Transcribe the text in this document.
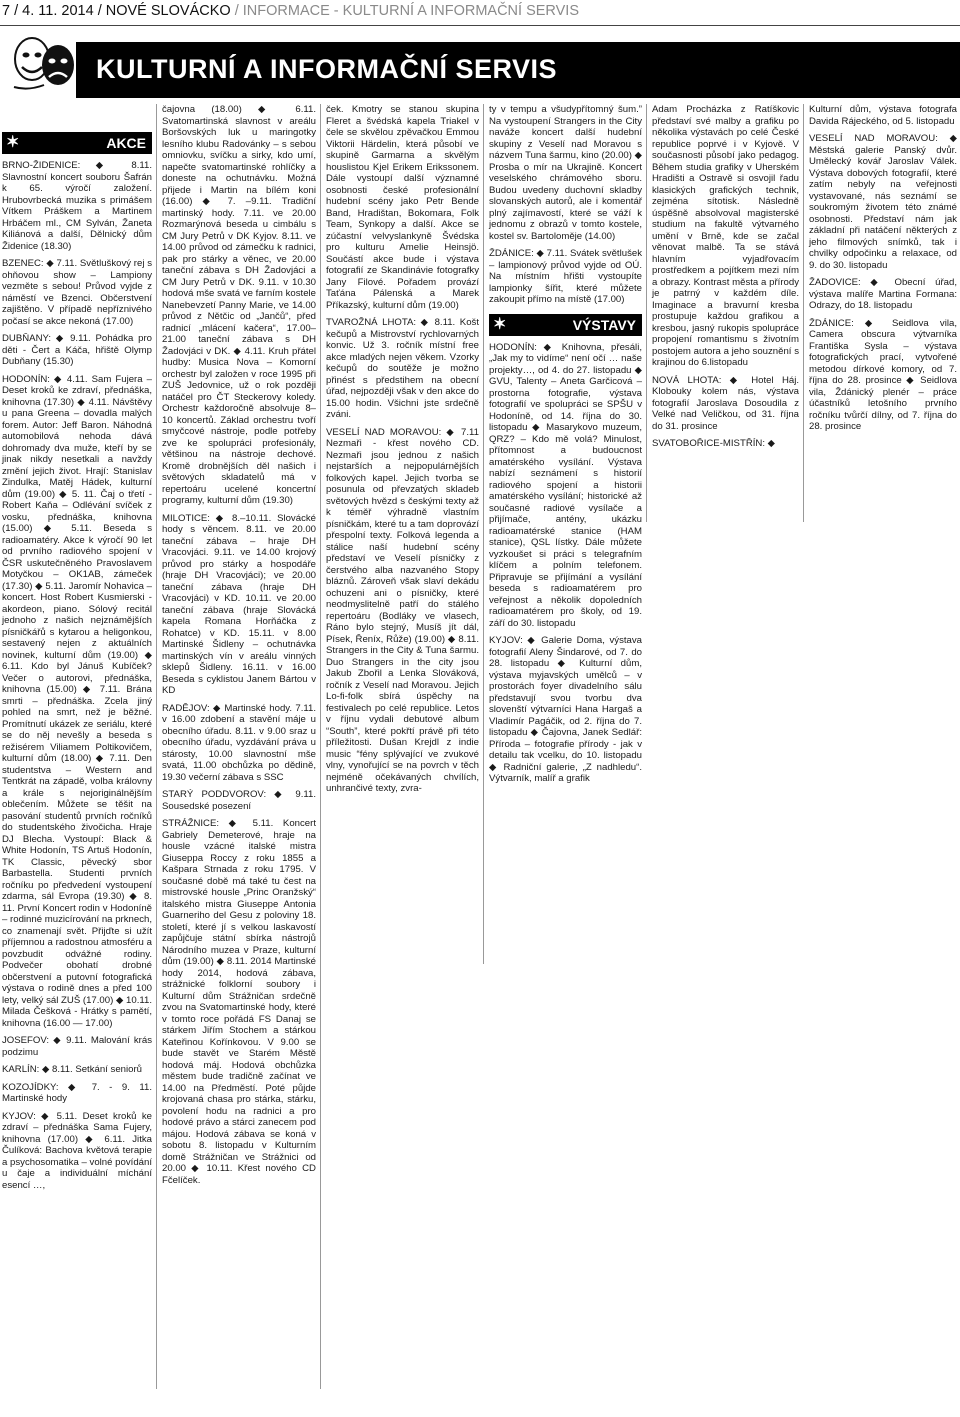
7 / 4. 11. 2014 / NOVÉ SLOVÁCKO / INFORMACE - KULTURNÍ A INFORMAČNÍ SERVIS
KULTURNÍ A INFORMAČNÍ SERVIS
✶	AKCE

BRNO-ŽIDENICE: ◆ 8.11. Slavnostní koncert souboru Šafrán k 65. výročí založení. Hrubovrbecká muzika s primášem Vítkem Práškem a Martinem Hrbáčem ml., CM Sylván, Žaneta Kiliánová a další, Dělnický dům Židenice (18.30)

BZENEC: ◆ 7.11. Světluškový rej s ohňovou show – Lampiony vezměte s sebou! Průvod vyjde z náměstí ve Bzenci. Občerstvení zajištěno. V případě nepříznivého počasí se akce nekoná (17.00)

DUBŇANY: ◆ 9.11. Pohádka pro děti - Čert a Káča, hřiště Olymp Dubňany (15.30)

HODONÍN: ◆ 4.11. Sam Fujera – Deset kroků ke zdraví, přednáška, knihovna (17.30) ◆ 4.11. Návštěvy u pana Greena – dovadla malých forem. Autor: Jeff Baron. Náhodná automobilová nehoda dává dohromady dva muže, kteří by se jinak nikdy nesetkali a navždy změní jejich život. Hrají: Stanislav Zindulka, Matěj Hádek, kulturní dům (19.00) ◆ 5. 11. Čaj o třetí - Robert Kaňa – Odlévání svíček z vosku, přednáška, knihovna (15.00) ◆ 5.11. Beseda s radioamatéry. Akce k výročí 90 let od prvního radiového spojení v ČSR uskutečněného Pravoslavem Motyčkou – OK1AB, zámeček (17.30) ◆ 5.11. Jaromír Nohavica – koncert. Host Robert Kusmierski - akordeon, piano. Sólový recitál jednoho z našich nejznámějších písničkářů s kytarou a heligonkou, sestavený nejen z aktuálních novinek, kulturní dům (19.00) ◆ 6.11. Kdo byl Jánuš Kubíček? Večer o autorovi, přednáška, knihovna (15.00) ◆ 7.11. Brána smrti – přednáška. Zcela jiný pohled na smrt, než je běžné. Promítnutí ukázek ze seriálu, které se do něj nevešly a beseda s režisérem Viliamem Poltikovičem, kulturní dům (18.00) ◆ 7.11. Den studentstva – Western and Tentkrát na západě, volba královny a krále s nejoriginálnějším oblečením. Můžete se těšit na pasování studentů prvních ročníků do studentského živočicha. Hraje DJ Blecha. Vystoupí: Black & White Hodonín, TS Artuš Hodonín, TK Classic, pěvecký sbor Barbastella. Studenti prvních ročníku po předvedení vystoupení zdarma, sál Evropa (19.30) ◆ 8. 11. První Koncert rodin v Hodoníně – rodinné muzicírování na prknech, co znamenají svět. Přijďte si užít příjemnou a radostnou atmosféru a povzbudit odvážné rodiny. Podvečer obohatí drobné občerstvení a putovní fotografická výstava o rodině dnes a před 100 lety, velký sál ZUŠ (17.00) ◆ 10.11. Milada Češková - Hrátky s pamětí, knihovna (16.00 — 17.00)

JOSEFOV: ◆ 9.11. Malování krás podzimu

KARLÍN: ◆ 8.11. Setkání seniorů

KOZOJÍDKY: ◆ 7. - 9. 11. Martinské hody

KYJOV: ◆ 5.11. Deset kroků ke zdraví – přednáška Sama Fujery, knihovna (17.00) ◆ 6.11. Jitka Čulíková: Bachova květová terapie a psychosomatika – volné povídání u čaje a individuální míchání esencí …,

čajovna (18.00) ◆ 6.11. Svatomartinská slavnost v areálu Boršovských luk u maringotky lesního klubu Radovánky – s sebou omniovku, svíčku a sirky, kdo umí, napečte svatomartinské rohlíčky a doneste na ochutnávku. Možná přijede i Martin na bílém koni (16.00) ◆ 7. –9.11. Tradiční martinský hody. 7.11. ve 20.00 Rozmarýnová beseda u cimbálu s CM Jury Petrů v DK Kyjov. 8.11. ve 14.00 průvod od zámečku k radnici, pak pro stárky a věnec, ve 20.00 taneční zábava s DH Žadovjáci a CM Jury Petrů v DK. 9.11. v 10.30 hodová mše svatá ve farním kostele Nanebevzetí Panny Marie, ve 14.00 průvod z Nětčic od „Jančů“, před radnicí „mlácení kačera“, 17.00–21.00 taneční zábava s DH Žadovjáci v DK. ◆ 4.11. Kruh přátel hudby: Musica Nova – Komorní orchestr byl založen v roce 1995 při ZUŠ Jedovnice, už o rok později natáčel pro ČT Steckerovy koledy. Orchestr každoročně absolvuje 8–10 koncertů. Základ orchestru tvoří smyčcové nástroje, podle potřeby zve ke spolupráci profesionály, většinou na nástroje dechové. Kromě drobnějších děl našich i světových skladatelů má v repertoáru ucelené koncertní programy, kulturní dům (19.30)

MILOTICE: ◆ 8.–10.11. Slovácké hody s věncem. 8.11. ve 20.00 taneční zábava – hraje DH Vracovjáci. 9.11. ve 14.00 krojový průvod pro stárky a hospodáře (hraje DH Vracovjáci); ve 20.00 taneční zábava (hraje DH Vracovjáci) v KD. 10.11. ve 20.00 taneční zábava (hraje Slovácká kapela Romana Horňáčka z Rohatce) v KD. 15.11. v 8.00 Martinské Šidleny – ochutnávka martinských vín v areálu vinných sklepů Šidleny. 16.11. v 16.00 Beseda s cyklistou Janem Bártou v KD

RADĚJOV: ◆ Martinské hody. 7.11. v 16.00 zdobení a stavění máje u obecního úřadu. 8.11. v 9.00 sraz u obecního úřadu, vyzdávání práva u stárosty, 10.00 slavnostní mše svatá, 11.00 obchůzka po dědině, 19.30 večerní zábava s SSC

STARÝ PODDVOROV: ◆ 9.11. Sousedské posezení

STRÁŽNICE: ◆ 5.11. Koncert Gabriely Demeterové, hraje na housle vzácné italské mistra Giuseppa Roccy z roku 1855 a Kašpara Strnada z roku 1795. V současné době má také tu čest na mistrovské housle „Princ Oranžský“ italského mistra Giuseppe Antonia Guarneriho del Gesu z poloviny 18. století, které jí s velkou laskavostí zapůjčuje státní sbírka nástrojů Národního muzea v Praze, kulturní dům (19.00) ◆ 8.11. 2014 Martinské hody 2014, hodová zábava, strážnické folklorní soubory i Kulturní dům Strážničan srdečně zvou na Svatomartinské hody, které v tomto roce pořádá FS Danaj se stárkem Jiřím Stochem a stárkou Kateřinou Kořínkovou. V 9.00 se bude stavět ve Starém Městě hodová máj. Hodová obchůzka městem bude tradičně začínat ve 14.00 na Předměstí. Poté půjde krojovaná chasa pro stárka, stárku, povolení hodu na radnici a pro hodové právo a stárci zanecem pod májou. Hodová zábava se koná v sobotu 8. listopadu v Kulturním domě Strážničan ve Strážnici od 20.00 ◆ 10.11. Křest nového CD Fčelíček.

ček. Kmotry se stanou skupina Fleret a švédská kapela Triakel v čele se skvělou zpěvačkou Emmou Viktorii Härdelin, která působí ve skupině Garmarna a skvělým houslistou Kjel Erikem Erikssonem. Dále vystoupí další významné osobnosti české profesionální hudební scény jako Petr Bende Band, Hradištan, Bokomara, Folk Team, Synkopy a další. Akce se zúčastní velvyslankyně Švédska pro kulturu Amelie Heinsjö. Součástí akce bude i výstava fotografií ze Skandinávie fotografky Jany Filové. Pořadem provází Taťána Pálenská a Marek Příkazský, kulturní dům (19.00)

TVAROŽNÁ LHOTA: ◆ 8.11. Košt kečupů a Mistrovství rychlovarných konvic. Už 3. ročník místní free akce mladých nejen věkem. Vzorky kečupů do soutěže je možno přinést s předstihem na obecní úřad, nejpozději však v den akce do 15.00 hodin. Všichni jste srdečně zváni.

VESELÍ NAD MORAVOU: ◆ 7.11 Nezmaři - křest nového CD. Nezmaři jsou jednou z našich nejstarších a nejpopulárnějších folkových kapel. Jejich tvorba se posunula od převzatých skladeb světových hvězd s českými texty až k téměř výhradně vlastním písničkám, které tu a tam doprovází přespolní texty. Folková legenda a stálice naší hudební scény představí ve Veselí písničky z čerstvého alba nazvaného Stopy bláznů. Zároveň však slaví dekádu ochuzeni ani o písničky, které neodmyslitelně patří do stálého repertoáru (Bodláky ve vlasech, Ráno bylo stejný, Musíš jít dál, Písek, Řeníx, Růže) (19.00) ◆ 8.11. Strangers in the City & Tuna šarmu. Duo Strangers in the city jsou Jakub Zbořil a Lenka Slováková, ročník z Veselí nad Moravou. Jejich Lo-fi-folk sbírá úspěchy na festivalech po celé republice. Letos v říjnu vydali debutové album “South”, které pokřtí právě při této příležitosti. Dušan Krejdl z indie music “fény splývající ve zvukové vlny, vynořující se na povrch v těch nejméně očekávaných chvílích, unhrančivé texty, zvra-

ty v tempu a všudypřítomný šum.” Na vystoupení Strangers in the City naváže koncert další hudební skupiny z Veselí nad Moravou s názvem Tuna šarmu, kino (20.00) ◆ Prosba o mír na Ukrajině. Koncert veselského chrámového sboru. Budou uvedeny duchovní skladby slovanských autorů, ale i komentář plný zajímavostí, které se váží k jednomu z obrazů v tomto kostele, kostel sv. Bartoloměje (14.00)

ŽDÁNICE: ◆ 7.11. Svátek světlušek – lampionový průvod vyjde od OÚ. Na místním hřišti vystoupíte lampionky šířit, které můžete zakoupit přímo na místě (17.00)

✶	VÝSTAVY

HODONÍN: ◆ Knihovna, přesáli, „Jak my to vidíme“ není očí … naše projekty…, od 4. do 27. listopadu ◆ GVU, Talenty – Aneta Garčicová – prostorna fotografie, výstava fotografií ve spolupráci se SPŠU v Hodoníně, od 14. října do 30. listopadu ◆ Masarykovo muzeum, QRZ? – Kdo mě volá? Minulost, přítomnost a budoucnost amatérského vysílání. Výstava nabízí seznámení s historií radiového spojení a historii amatérského vysílání; historické až současné radiové vysílače a přijímače, antény, ukázku radioamatérské stanice (HAM stanice), QSL lístky. Dále můžete vyzkoušet si práci s telegrafním klíčem a polním telefonem. Připravuje se přijímání a vysílání beseda s radioamatérem pro veřejnost a několik dopoledních radioamatérem pro školy, od 19. září do 30. listopadu

KYJOV: ◆ Galerie Doma, výstava fotografií Aleny Šindarové, od 7. do 28. listopadu ◆ Kulturní dům, výstava myjavských umělců – v prostorách foyer divadelního sálu představují svou tvorbu dva slovenští výtvarníci Hana Hargaš a Vladimír Pagáčik, od 2. října do 7. listopadu ◆ Čajovna, Janek Sedlář: Příroda – fotografie přírody - jak v detailu tak vcelku, do 10. listopadu ◆ Radniční galerie, „Z nadhledu“. Výtvarník, malíř a grafik

Adam Procházka z Ratíškovic představí své malby a grafiku po několika výstavách po celé České republice poprvé i v Kyjově. V současnosti působí jako pedagog. Během studia grafiky v Uherském Hradišti a Ostravě si osvojil řadu klasických grafických technik, zejména sítotisk. Následně úspěšně absolvoval magisterské studium na fakultě výtvarného umění v Brně, kde se začal věnovat malbě. Ta se stává hlavním vyjadřovacím prostředkem a pojítkem mezi ním a obrazy. Kontrast města a přírody je patrný v každém díle. Imaginace a bravurní kresba prostupuje každou grafikou a kresbou, jasný rukopis spolupráce propojení romantismu s životním postojem autora a jeho souznění s krajinou do 6.listopadu

NOVÁ LHOTA: ◆ Hotel Háj. Klobouky kolem nás, výstava fotografií Jaroslava Dosoudila z Velké nad Veličkou, od 31. října do 31. prosince

SVATOBOŘICE-MISTŘÍN: ◆

Kulturní dům, výstava fotografa Davida Rájeckého, od 5. listopadu

VESELÍ NAD MORAVOU: ◆ Městská galerie Panský dvůr. Umělecký kovář Jaroslav Válek. Výstava dobových fotografií, které zatím nebyly na veřejnosti vystavované, nás seznámí se soukromým životem této známé osobnosti. Představí nám jak základní při natáčení některých z jeho filmových snímků, tak i chvilky odpočinku a relaxace, od 9. do 30. listopadu

ŽADOVICE: ◆ Obecní úřad, výstava malíře Martina Formana: Odrazy, do 18. listopadu

ŽDÁNICE: ◆ Seidlova vila, Camera obscura výtvarníka Františka Sysla – výstava fotografických prací, vytvořené metodou dírkové komory, od 7. října do 28. prosince ◆ Seidlova vila, Ždánický plenér – práce účastníků letošního prvního ročníku tvůrčí dílny, od 7. října do 28. prosince
